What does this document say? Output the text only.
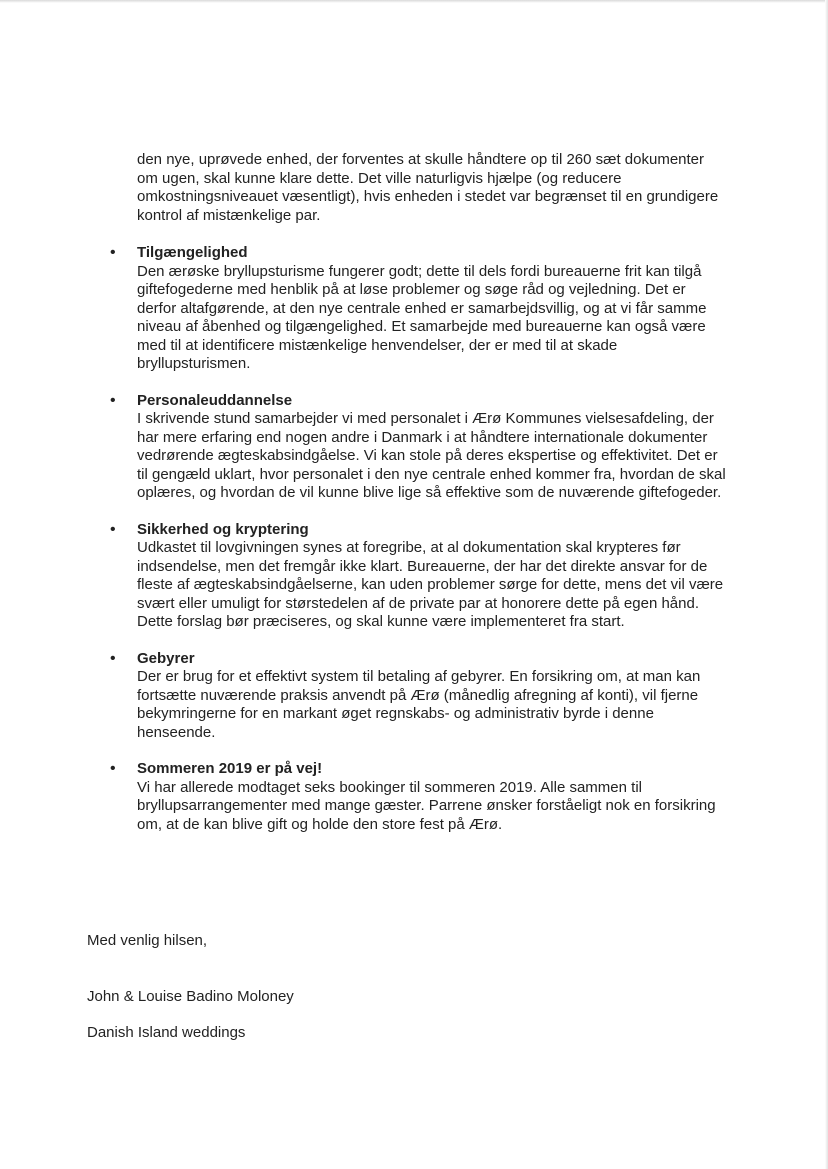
den nye, uprøvede enhed, der forventes at skulle håndtere op til 260 sæt dokumenter om ugen, skal kunne klare dette. Det ville naturligvis hjælpe (og reducere omkostningsniveauet væsentligt), hvis enheden i stedet var begrænset til en grundigere kontrol af mistænkelige par.

• Tilgængelighed
Den ærøske bryllupsturisme fungerer godt; dette til dels fordi bureauerne frit kan tilgå giftefogederne med henblik på at løse problemer og søge råd og vejledning. Det er derfor altafgørende, at den nye centrale enhed er samarbejdsvillig, og at vi får samme niveau af åbenhed og tilgængelighed. Et samarbejde med bureauerne kan også være med til at identificere mistænkelige henvendelser, der er med til at skade bryllupsturismen.
• Personaleuddannelse
I skrivende stund samarbejder vi med personalet i Ærø Kommunes vielsesafdeling, der har mere erfaring end nogen andre i Danmark i at håndtere internationale dokumenter vedrørende ægteskabsindgåelse. Vi kan stole på deres ekspertise og effektivitet. Det er til gengæld uklart, hvor personalet i den nye centrale enhed kommer fra, hvordan de skal oplæres, og hvordan de vil kunne blive lige så effektive som de nuværende giftefogeder.
• Sikkerhed og kryptering
Udkastet til lovgivningen synes at foregribe, at al dokumentation skal krypteres før indsendelse, men det fremgår ikke klart. Bureauerne, der har det direkte ansvar for de fleste af ægteskabsindgåelserne, kan uden problemer sørge for dette, mens det vil være svært eller umuligt for størstedelen af de private par at honorere dette på egen hånd. Dette forslag bør præciseres, og skal kunne være implementeret fra start.
• Gebyrer
Der er brug for et effektivt system til betaling af gebyrer. En forsikring om, at man kan fortsætte nuværende praksis anvendt på Ærø (månedlig afregning af konti), vil fjerne bekymringerne for en markant øget regnskabs- og administrativ byrde i denne henseende.
• Sommeren 2019 er på vej!
Vi har allerede modtaget seks bookinger til sommeren 2019. Alle sammen til bryllupsarrangementer med mange gæster. Parrene ønsker forståeligt nok en forsikring om, at de kan blive gift og holde den store fest på Ærø.
Med venlig hilsen,
John & Louise Badino Moloney
Danish Island weddings
